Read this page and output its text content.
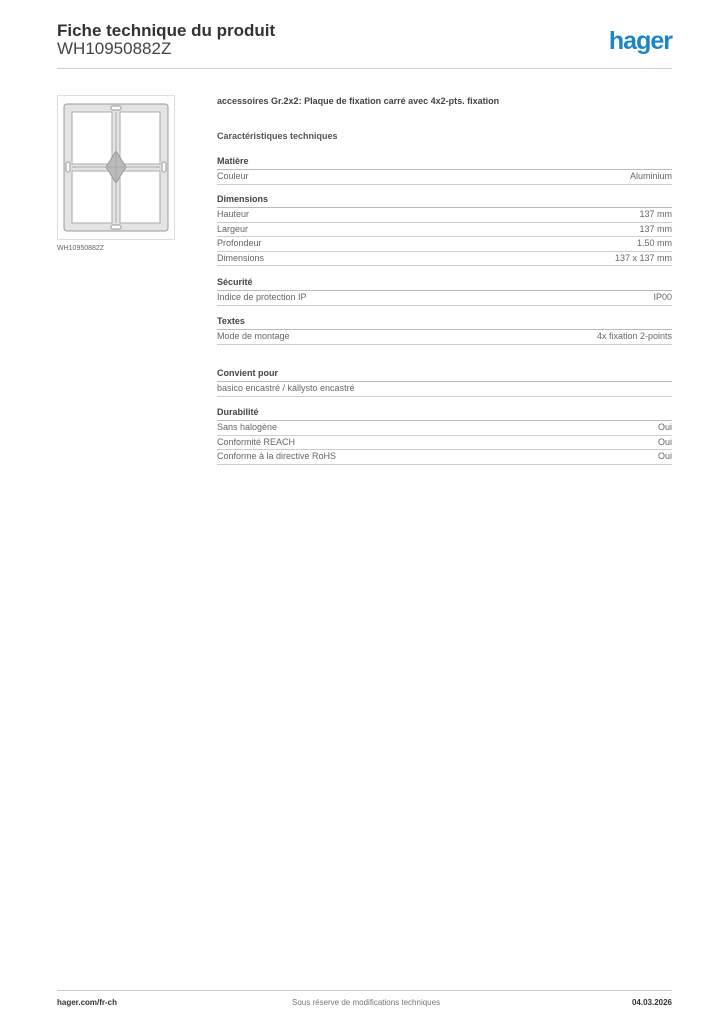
Fiche technique du produit
WH10950882Z	hager
WH10950882Z
accessoires Gr.2x2: Plaque de fixation carré avec 4x2-pts. fixation
Caractéristiques techniques
Matière
Couleur	Aluminium
Dimensions
Hauteur	137 mm
Largeur	137 mm
Profondeur	1.50 mm
Dimensions	137 x 137 mm
Sécurité
Indice de protection IP	IP00
Textes
Mode de montage	4x fixation 2-points
Convient pour
basico encastré / kallysto encastré
Durabilité
Sans halogène	Oui
Conformité REACH	Oui
Conforme à la directive RoHS	Oui
hager.com/fr-ch	Sous réserve de modifications techniques	04.03.2026
